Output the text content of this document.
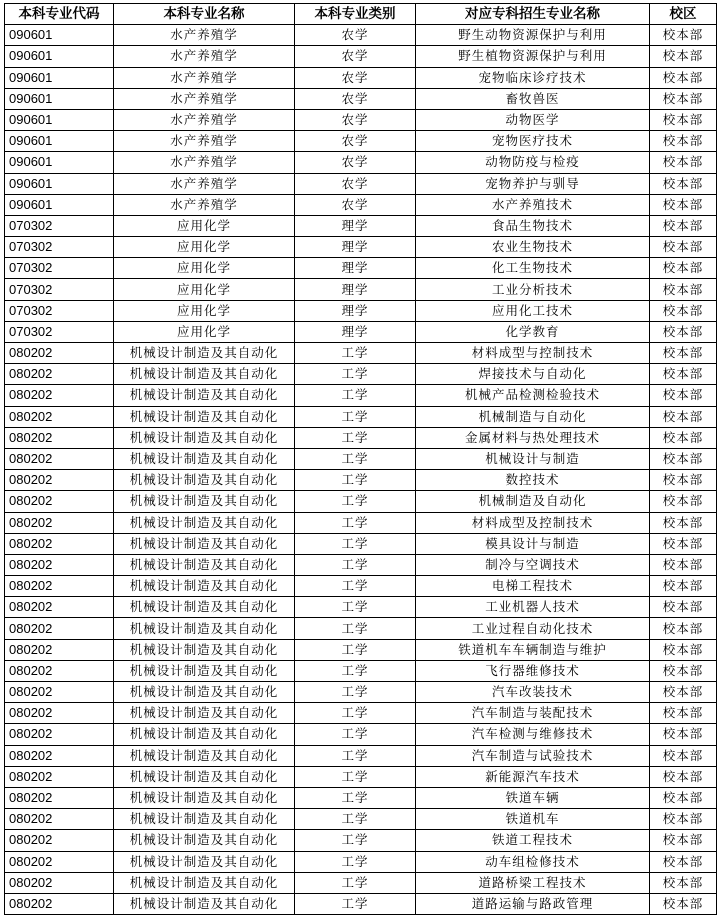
本科专业代码	本科专业名称	本科专业类别	对应专科招生专业名称	校区
090601	水产养殖学	农学	野生动物资源保护与利用	校本部
090601	水产养殖学	农学	野生植物资源保护与利用	校本部
090601	水产养殖学	农学	宠物临床诊疗技术	校本部
090601	水产养殖学	农学	畜牧兽医	校本部
090601	水产养殖学	农学	动物医学	校本部
090601	水产养殖学	农学	宠物医疗技术	校本部
090601	水产养殖学	农学	动物防疫与检疫	校本部
090601	水产养殖学	农学	宠物养护与驯导	校本部
090601	水产养殖学	农学	水产养殖技术	校本部
070302	应用化学	理学	食品生物技术	校本部
070302	应用化学	理学	农业生物技术	校本部
070302	应用化学	理学	化工生物技术	校本部
070302	应用化学	理学	工业分析技术	校本部
070302	应用化学	理学	应用化工技术	校本部
070302	应用化学	理学	化学教育	校本部
080202	机械设计制造及其自动化	工学	材料成型与控制技术	校本部
080202	机械设计制造及其自动化	工学	焊接技术与自动化	校本部
080202	机械设计制造及其自动化	工学	机械产品检测检验技术	校本部
080202	机械设计制造及其自动化	工学	机械制造与自动化	校本部
080202	机械设计制造及其自动化	工学	金属材料与热处理技术	校本部
080202	机械设计制造及其自动化	工学	机械设计与制造	校本部
080202	机械设计制造及其自动化	工学	数控技术	校本部
080202	机械设计制造及其自动化	工学	机械制造及自动化	校本部
080202	机械设计制造及其自动化	工学	材料成型及控制技术	校本部
080202	机械设计制造及其自动化	工学	模具设计与制造	校本部
080202	机械设计制造及其自动化	工学	制冷与空调技术	校本部
080202	机械设计制造及其自动化	工学	电梯工程技术	校本部
080202	机械设计制造及其自动化	工学	工业机器人技术	校本部
080202	机械设计制造及其自动化	工学	工业过程自动化技术	校本部
080202	机械设计制造及其自动化	工学	铁道机车车辆制造与维护	校本部
080202	机械设计制造及其自动化	工学	飞行器维修技术	校本部
080202	机械设计制造及其自动化	工学	汽车改装技术	校本部
080202	机械设计制造及其自动化	工学	汽车制造与装配技术	校本部
080202	机械设计制造及其自动化	工学	汽车检测与维修技术	校本部
080202	机械设计制造及其自动化	工学	汽车制造与试验技术	校本部
080202	机械设计制造及其自动化	工学	新能源汽车技术	校本部
080202	机械设计制造及其自动化	工学	铁道车辆	校本部
080202	机械设计制造及其自动化	工学	铁道机车	校本部
080202	机械设计制造及其自动化	工学	铁道工程技术	校本部
080202	机械设计制造及其自动化	工学	动车组检修技术	校本部
080202	机械设计制造及其自动化	工学	道路桥梁工程技术	校本部
080202	机械设计制造及其自动化	工学	道路运输与路政管理	校本部
